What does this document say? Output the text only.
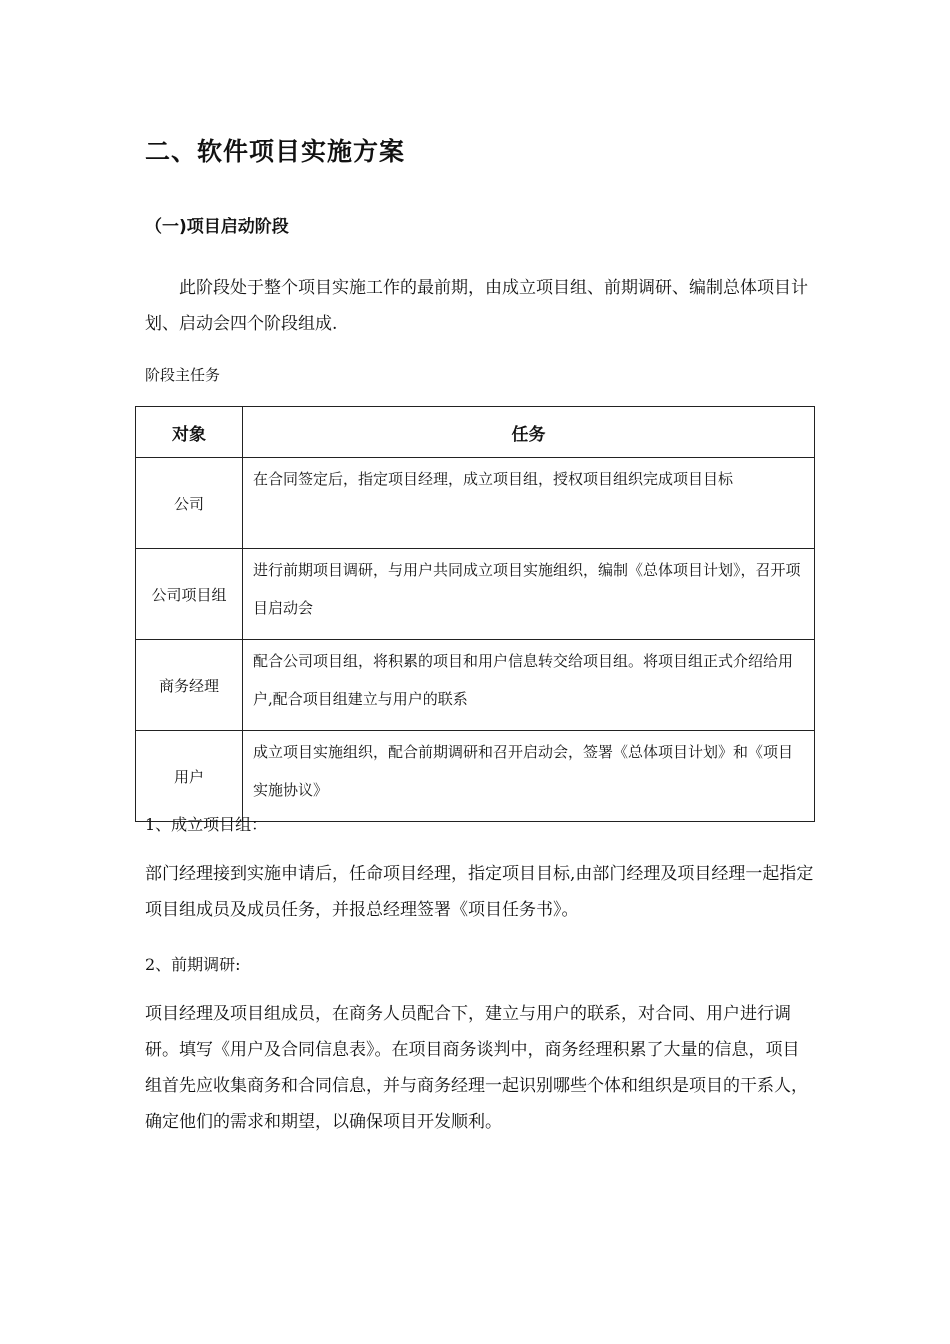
二、软件项目实施方案
（一)项目启动阶段
此阶段处于整个项目实施工作的最前期，由成立项目组、前期调研、编制总体项目计划、启动会四个阶段组成.
阶段主任务
对象	任务
公司	在合同签定后，指定项目经理，成立项目组，授权项目组织完成项目目标
公司项目组	进行前期项目调研，与用户共同成立项目实施组织，编制《总体项目计划》，召开项目启动会
商务经理	配合公司项目组，将积累的项目和用户信息转交给项目组。将项目组正式介绍给用户,配合项目组建立与用户的联系
用户	成立项目实施组织，配合前期调研和召开启动会，签署《总体项目计划》和《项目实施协议》
1、成立项目组：
部门经理接到实施申请后，任命项目经理，指定项目目标,由部门经理及项目经理一起指定项目组成员及成员任务，并报总经理签署《项目任务书》。
2、前期调研:
项目经理及项目组成员，在商务人员配合下，建立与用户的联系，对合同、用户进行调研。填写《用户及合同信息表》。在项目商务谈判中，商务经理积累了大量的信息，项目组首先应收集商务和合同信息，并与商务经理一起识别哪些个体和组织是项目的干系人，确定他们的需求和期望，以确保项目开发顺利。
